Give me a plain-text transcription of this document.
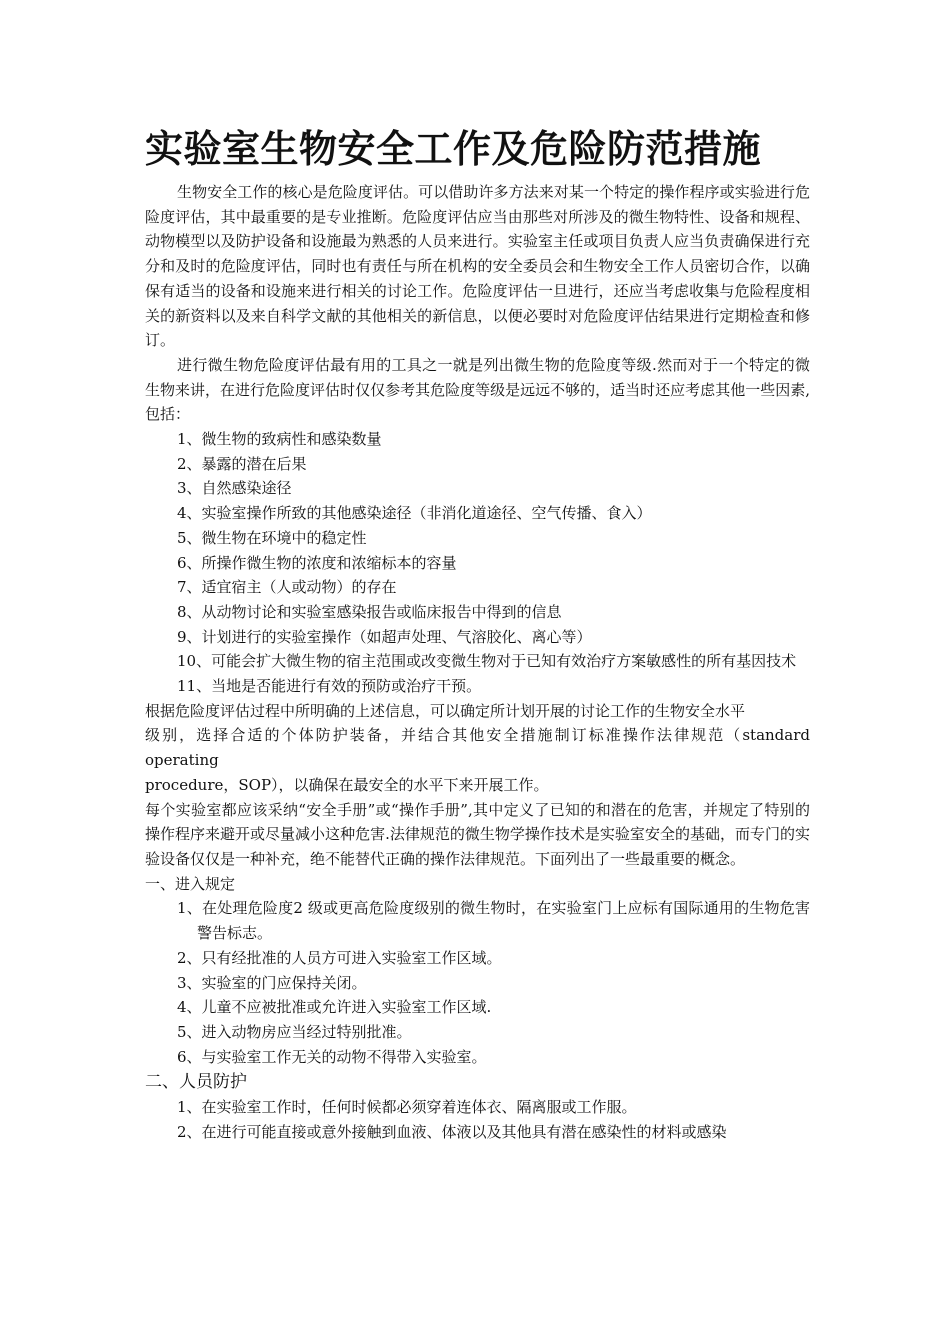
实验室生物安全工作及危险防范措施

生物安全工作的核心是危险度评估。可以借助许多方法来对某一个特定的操作程序或实验进行危险度评估，其中最重要的是专业推断。危险度评估应当由那些对所涉及的微生物特性、设备和规程、动物模型以及防护设备和设施最为熟悉的人员来进行。实验室主任或项目负责人应当负责确保进行充分和及时的危险度评估，同时也有责任与所在机构的安全委员会和生物安全工作人员密切合作，以确保有适当的设备和设施来进行相关的讨论工作。危险度评估一旦进行，还应当考虑收集与危险程度相关的新资料以及来自科学文献的其他相关的新信息，以便必要时对危险度评估结果进行定期检查和修订。

进行微生物危险度评估最有用的工具之一就是列出微生物的危险度等级.然而对于一个特定的微生物来讲，在进行危险度评估时仅仅参考其危险度等级是远远不够的，适当时还应考虑其他一些因素,包括：

1、微生物的致病性和感染数量

2、暴露的潜在后果

3、自然感染途径

4、实验室操作所致的其他感染途径（非消化道途径、空气传播、食入）

5、微生物在环境中的稳定性

6、所操作微生物的浓度和浓缩标本的容量

7、适宜宿主（人或动物）的存在

8、从动物讨论和实验室感染报告或临床报告中得到的信息

9、计划进行的实验室操作（如超声处理、气溶胶化、离心等）

10、可能会扩大微生物的宿主范围或改变微生物对于已知有效治疗方案敏感性的所有基因技术

11、当地是否能进行有效的预防或治疗干预。

根据危险度评估过程中所明确的上述信息，可以确定所计划开展的讨论工作的生物安全水平

级别，选择合适的个体防护装备，并结合其他安全措施制订标准操作法律规范（standard operating

procedure，SOP），以确保在最安全的水平下来开展工作。

每个实验室都应该采纳“安全手册”或“操作手册”,其中定义了已知的和潜在的危害，并规定了特别的操作程序来避开或尽量减小这种危害.法律规范的微生物学操作技术是实验室安全的基础，而专门的实验设备仅仅是一种补充，绝不能替代正确的操作法律规范。下面列出了一些最重要的概念。

一、进入规定

1、在处理危险度2 级或更高危险度级别的微生物时，在实验室门上应标有国际通用的生物危害警告标志。

2、只有经批准的人员方可进入实验室工作区域。

3、实验室的门应保持关闭。

4、儿童不应被批准或允许进入实验室工作区域.

5、进入动物房应当经过特别批准。

6、与实验室工作无关的动物不得带入实验室。

二、人员防护

1、在实验室工作时，任何时候都必须穿着连体衣、隔离服或工作服。

2、在进行可能直接或意外接触到血液、体液以及其他具有潜在感染性的材料或感染
